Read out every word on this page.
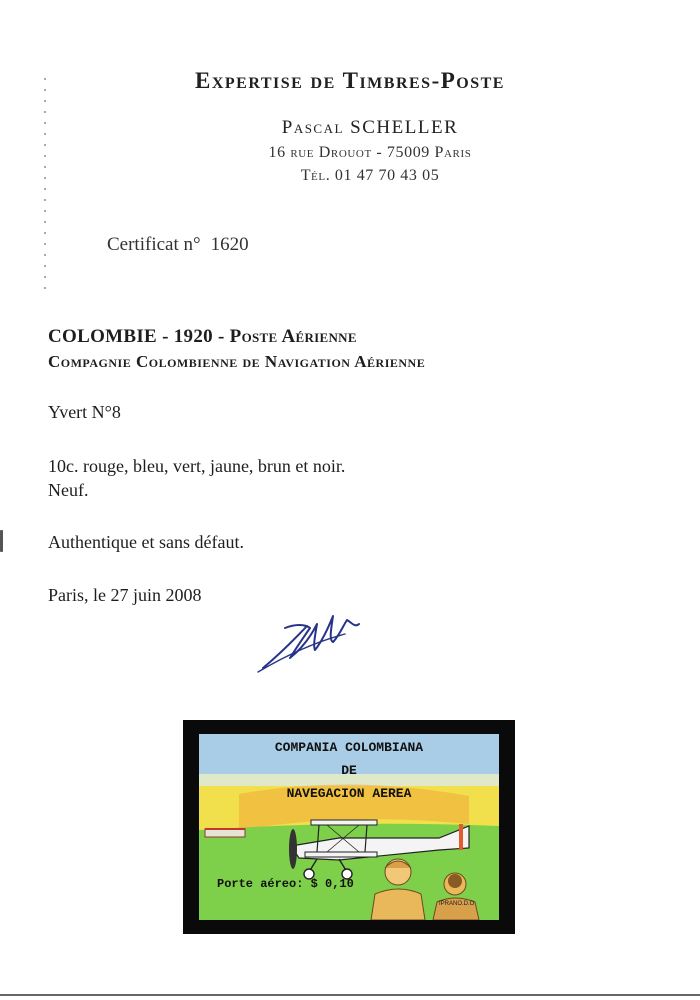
Expertise de Timbres-Poste
Pascal SCHELLER
16 rue Drouot - 75009 Paris
Tél. 01 47 70 43 05
Certificat n° 1620
COLOMBIE - 1920 - Poste Aérienne
Compagnie Colombienne de Navigation Aérienne
Yvert N°8
10c. rouge, bleu, vert, jaune, brun et noir.
Neuf.
Authentique et sans défaut.
Paris, le 27 juin 2008
COMPANIA COLOMBIANA
DE
NAVEGACION AEREA
Porte aéreo: $ 0,10
IPRANO.D.O
